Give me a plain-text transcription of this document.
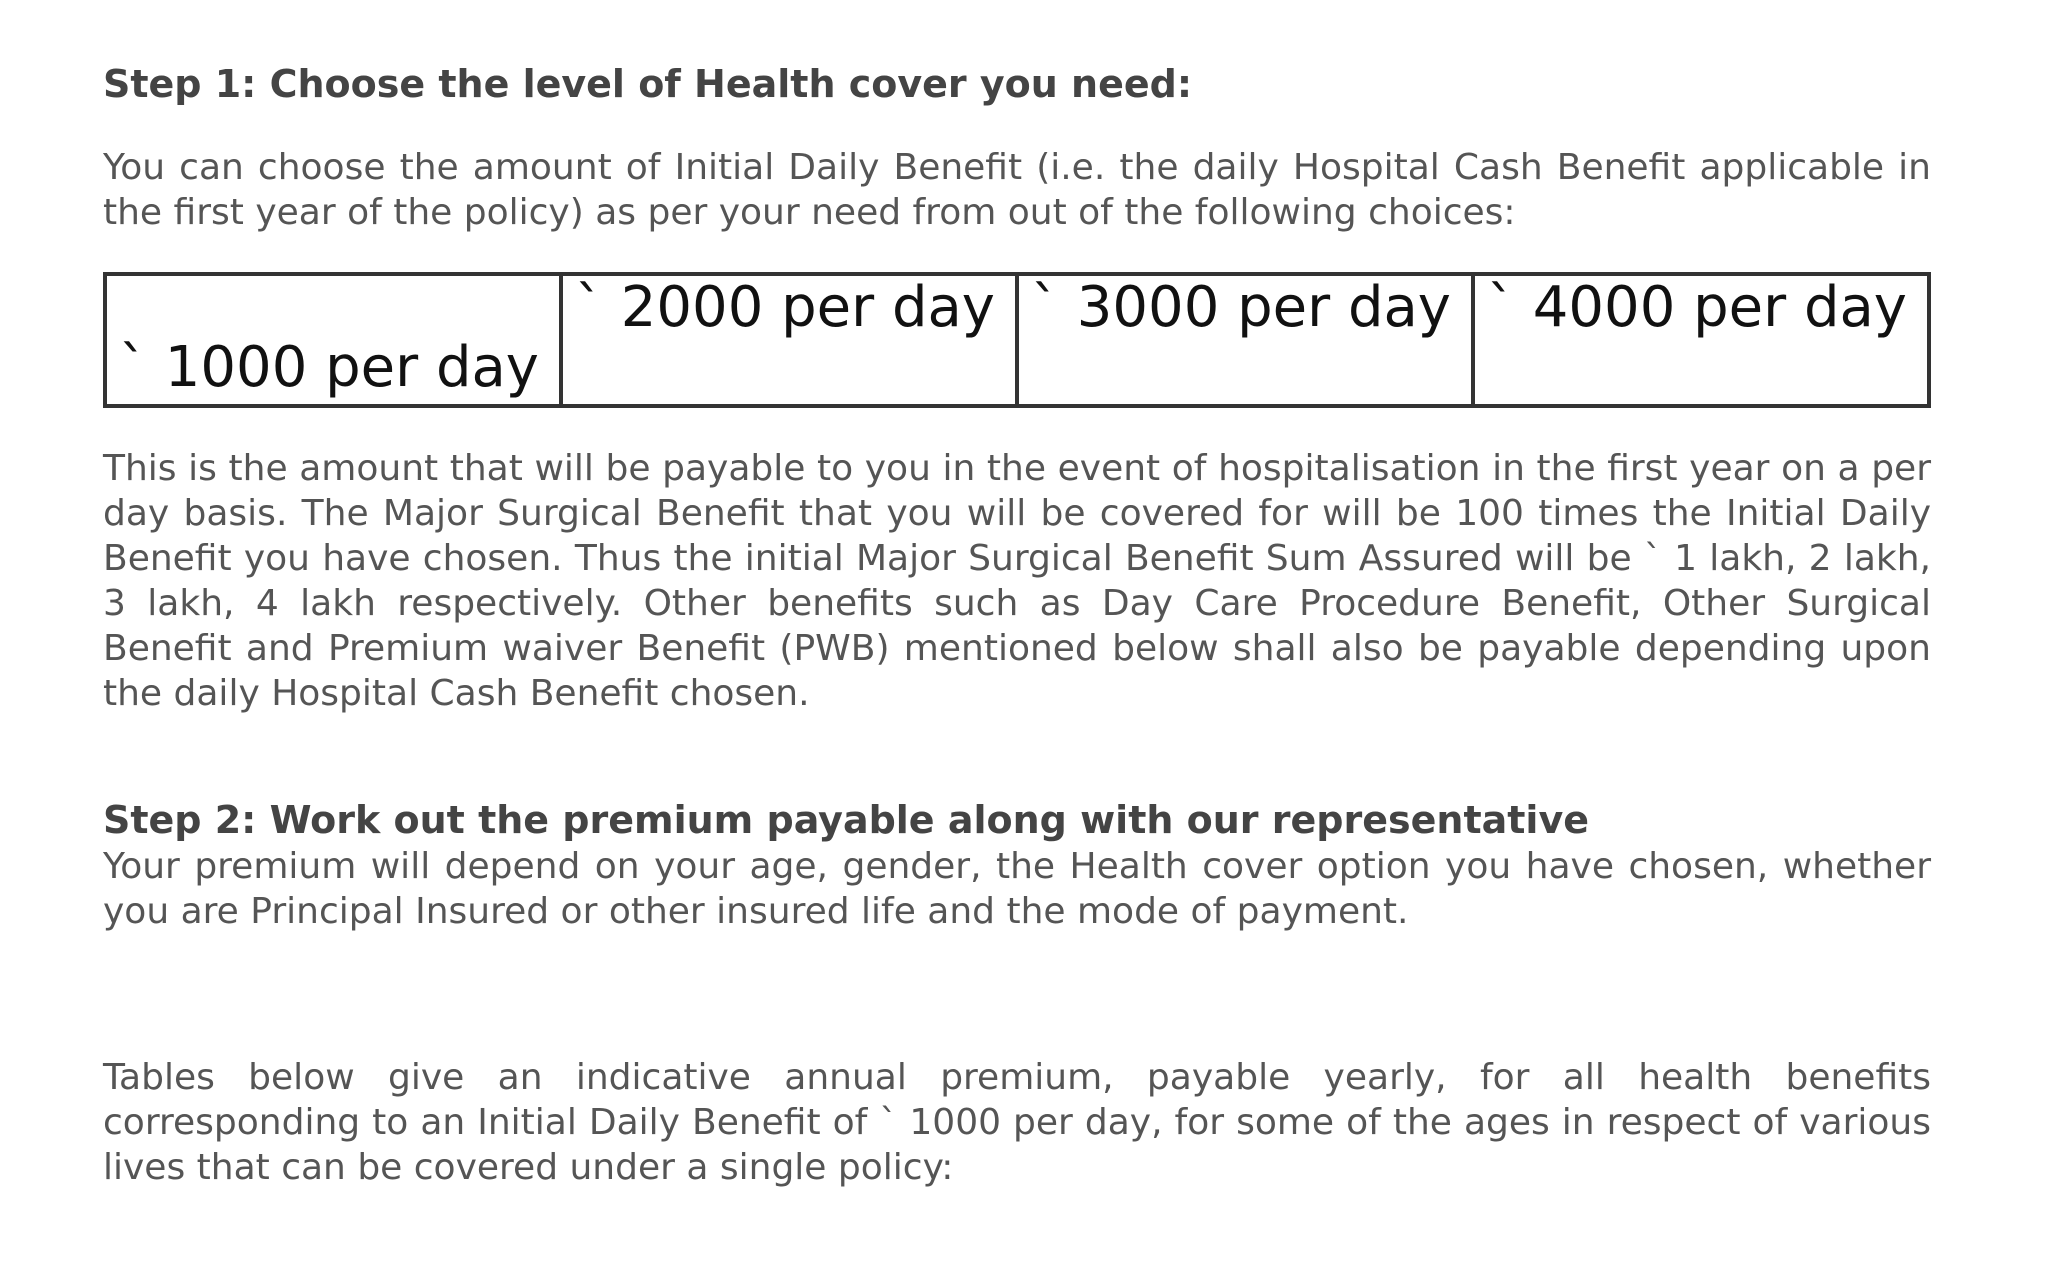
Step 1: Choose the level of Health cover you need:

You can choose the amount of Initial Daily Benefit (i.e. the daily Hospital Cash Benefit applicable in the first year of the policy) as per your need from out of the following choices:

` 1000 per day	` 2000 per day	` 3000 per day	` 4000 per day

This is the amount that will be payable to you in the event of hospitalisation in the first year on a per day basis. The Major Surgical Benefit that you will be covered for will be 100 times the Initial Daily Benefit you have chosen. Thus the initial Major Surgical Benefit Sum Assured will be ` 1 lakh, 2 lakh, 3 lakh, 4 lakh respectively. Other benefits such as Day Care Procedure Benefit, Other Surgical Benefit and Premium waiver Benefit (PWB) mentioned below shall also be payable depending upon the daily Hospital Cash Benefit chosen.

Step 2: Work out the premium payable along with our representative

Your premium will depend on your age, gender, the Health cover option you have chosen, whether you are Principal Insured or other insured life and the mode of payment.

Tables below give an indicative annual premium, payable yearly, for all health benefits corresponding to an Initial Daily Benefit of ` 1000 per day, for some of the ages in respect of various lives that can be covered under a single policy:
